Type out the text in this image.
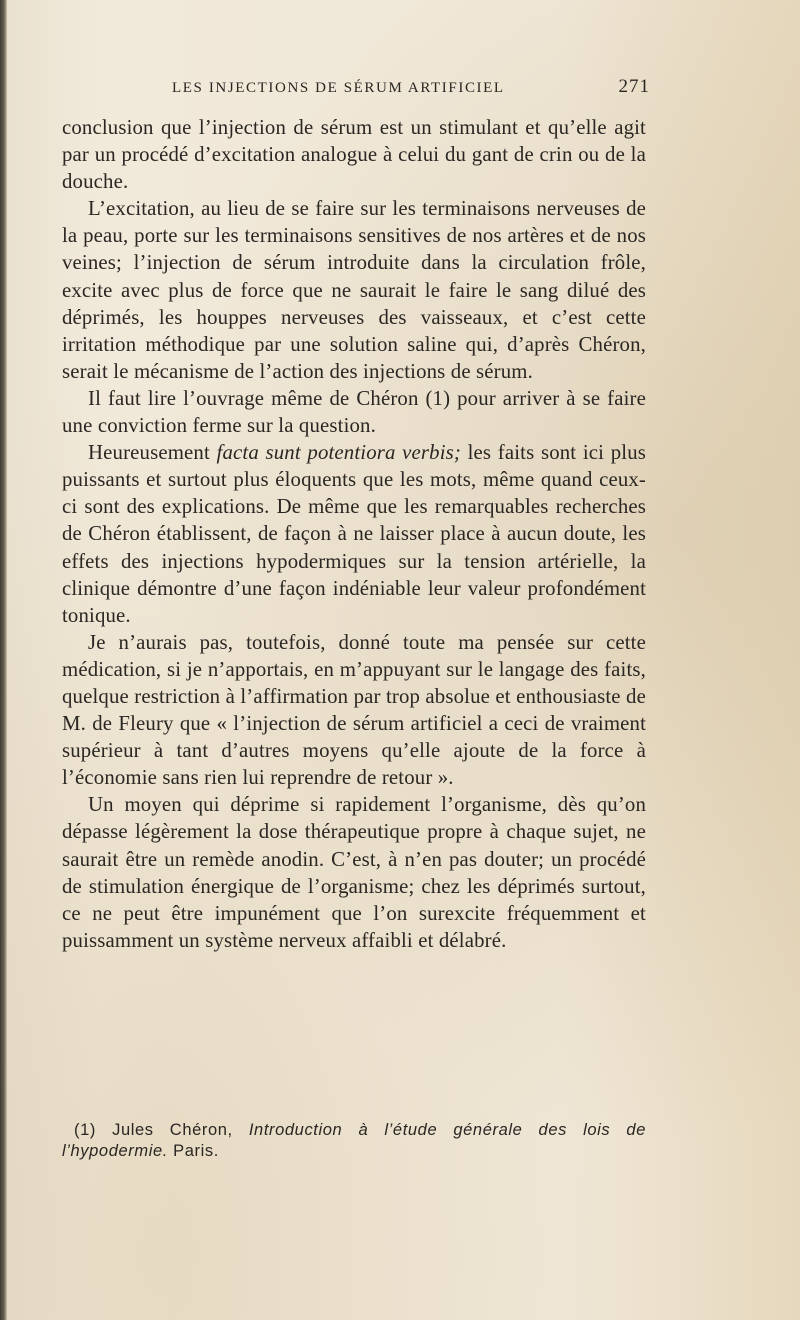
LES INJECTIONS DE SÉRUM ARTIFICIEL	271

conclusion que l’injection de sérum est un stimulant et qu’elle agit par un procédé d’excitation analogue à celui du gant de crin ou de la douche.

L’excitation, au lieu de se faire sur les terminaisons nerveuses de la peau, porte sur les terminaisons sensitives de nos artères et de nos veines; l’injection de sérum introduite dans la circulation frôle, excite avec plus de force que ne saurait le faire le sang dilué des déprimés, les houppes nerveuses des vaisseaux, et c’est cette irritation méthodique par une solution saline qui, d’après Chéron, serait le mécanisme de l’action des injections de sérum.

Il faut lire l’ouvrage même de Chéron (1) pour arriver à se faire une conviction ferme sur la question.

Heureusement facta sunt potentiora verbis; les faits sont ici plus puissants et surtout plus éloquents que les mots, même quand ceux-ci sont des explications. De même que les remarquables recherches de Chéron établissent, de façon à ne laisser place à aucun doute, les effets des injections hypodermiques sur la tension artérielle, la clinique démontre d’une façon indéniable leur valeur profondément tonique.

Je n’aurais pas, toutefois, donné toute ma pensée sur cette médication, si je n’apportais, en m’appuyant sur le langage des faits, quelque restriction à l’affirmation par trop absolue et enthousiaste de M. de Fleury que « l’injection de sérum artificiel a ceci de vraiment supérieur à tant d’autres moyens qu’elle ajoute de la force à l’économie sans rien lui reprendre de retour ».

Un moyen qui déprime si rapidement l’organisme, dès qu’on dépasse légèrement la dose thérapeutique propre à chaque sujet, ne saurait être un remède anodin. C’est, à n’en pas douter; un procédé de stimulation énergique de l’organisme; chez les déprimés surtout, ce ne peut être impunément que l’on surexcite fréquemment et puissamment un système nerveux affaibli et délabré.

(1) Jules Chéron, Introduction à l’étude générale des lois de l’hypodermie. Paris.
